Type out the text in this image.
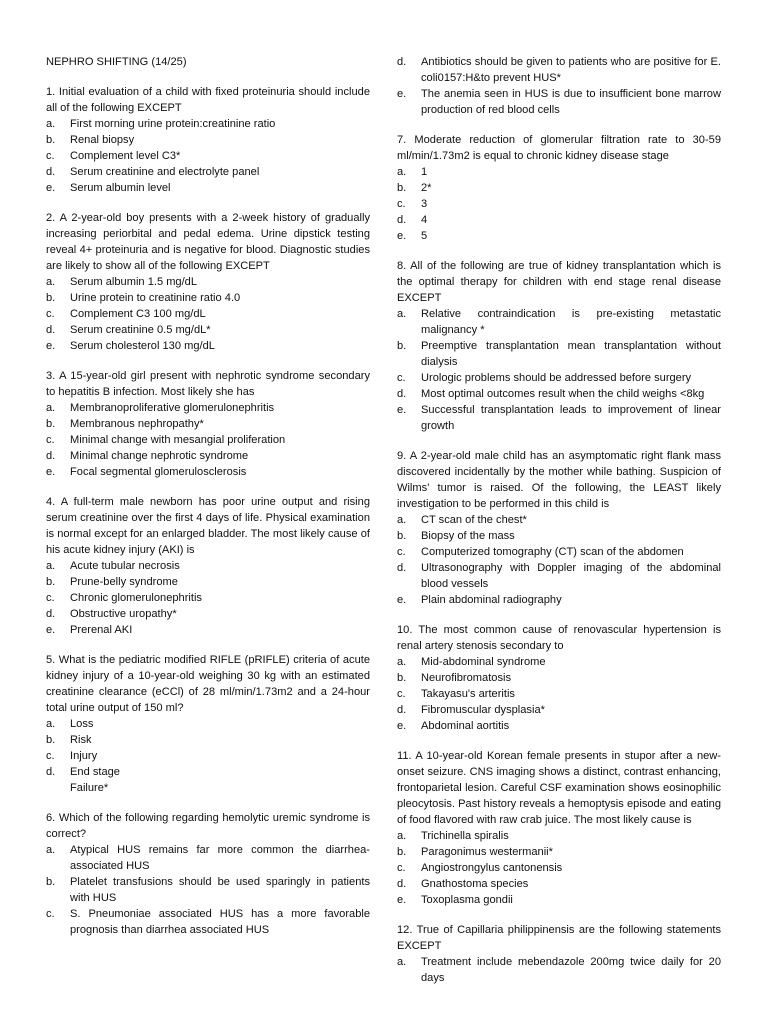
NEPHRO SHIFTING (14/25)
1. Initial evaluation of a child with fixed proteinuria should include all of the following EXCEPT
a.	First morning urine protein:creatinine ratio
b.	Renal biopsy
c.	Complement level C3*
d.	Serum creatinine and electrolyte panel
e.	Serum albumin level
2. A 2-year-old boy presents with a 2-week history of gradually increasing periorbital and pedal edema. Urine dipstick testing reveal 4+ proteinuria and is negative for blood. Diagnostic studies are likely to show all of the following EXCEPT
a.	Serum albumin 1.5 mg/dL
b.	Urine protein to creatinine ratio 4.0
c.	Complement C3 100 mg/dL
d.	Serum creatinine 0.5 mg/dL*
e.	Serum cholesterol 130 mg/dL
3. A 15-year-old girl present with nephrotic syndrome secondary to hepatitis B infection. Most likely she has
a.	Membranoproliferative glomerulonephritis
b.	Membranous nephropathy*
c.	Minimal change with mesangial proliferation
d.	Minimal change nephrotic syndrome
e.	Focal segmental glomerulosclerosis
4. A full-term male newborn has poor urine output and rising serum creatinine over the first 4 days of life. Physical examination is normal except for an enlarged bladder. The most likely cause of his acute kidney injury (AKI) is
a.	Acute tubular necrosis
b.	Prune-belly syndrome
c.	Chronic glomerulonephritis
d.	Obstructive uropathy*
e.	Prerenal AKI
5. What is the pediatric modified RIFLE (pRIFLE) criteria of acute kidney injury of a 10-year-old weighing 30 kg with an estimated creatinine clearance (eCCl) of 28 ml/min/1.73m2 and a 24-hour total urine output of 150 ml?
a.	Loss
b.	Risk
c.	Injury
d.	End stage
Failure*
6. Which of the following regarding hemolytic uremic syndrome is correct?
a.	Atypical HUS remains far more common the diarrhea-associated HUS
b.	Platelet transfusions should be used sparingly in patients with HUS
c.	S. Pneumoniae associated HUS has a more favorable prognosis than diarrhea associated HUS
d.	Antibiotics should be given to patients who are positive for E. coli0157:H&to prevent HUS*
e.	The anemia seen in HUS is due to insufficient bone marrow production of red blood cells
7. Moderate reduction of glomerular filtration rate to 30-59 ml/min/1.73m2 is equal to chronic kidney disease stage
a.	1
b.	2*
c.	3
d.	4
e.	5
8. All of the following are true of kidney transplantation which is the optimal therapy for children with end stage renal disease EXCEPT
a.	Relative contraindication is pre-existing metastatic malignancy *
b.	Preemptive transplantation mean transplantation without dialysis
c.	Urologic problems should be addressed before surgery
d.	Most optimal outcomes result when the child weighs <8kg
e.	Successful transplantation leads to improvement of linear growth
9. A 2-year-old male child has an asymptomatic right flank mass discovered incidentally by the mother while bathing. Suspicion of Wilms' tumor is raised. Of the following, the LEAST likely investigation to be performed in this child is
a.	CT scan of the chest*
b.	Biopsy of the mass
c.	Computerized tomography (CT) scan of the abdomen
d.	Ultrasonography with Doppler imaging of the abdominal blood vessels
e.	Plain abdominal radiography
10. The most common cause of renovascular hypertension is renal artery stenosis secondary to
a.	Mid-abdominal syndrome
b.	Neurofibromatosis
c.	Takayasu's arteritis
d.	Fibromuscular dysplasia*
e.	Abdominal aortitis
11. A 10-year-old Korean female presents in stupor after a new-onset seizure. CNS imaging shows a distinct, contrast enhancing, frontoparietal lesion. Careful CSF examination shows eosinophilic pleocytosis. Past history reveals a hemoptysis episode and eating of food flavored with raw crab juice. The most likely cause is
a.	Trichinella spiralis
b.	Paragonimus westermanii*
c.	Angiostrongylus cantonensis
d.	Gnathostoma species
e.	Toxoplasma gondii
12. True of Capillaria philippinensis are the following statements EXCEPT
a.	Treatment include mebendazole 200mg twice daily for 20 days
